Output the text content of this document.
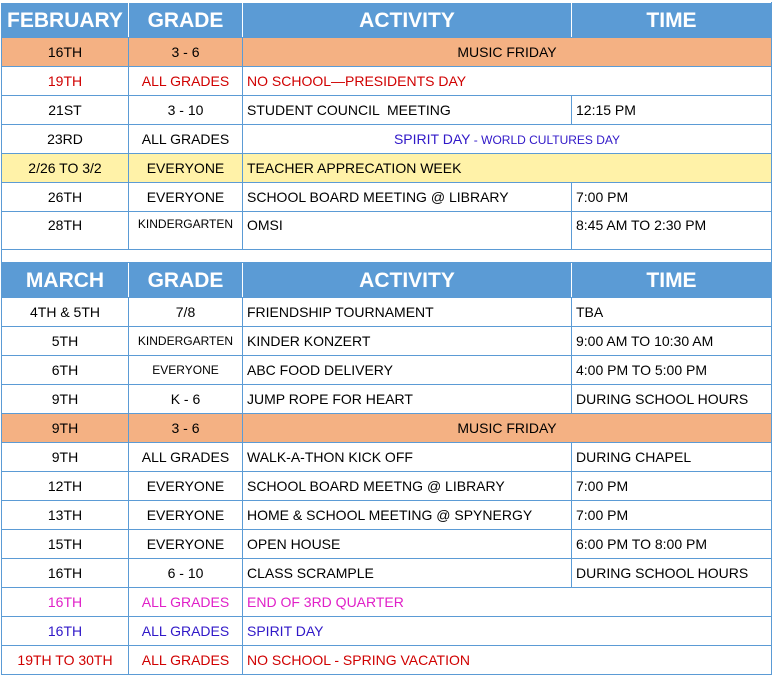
FEBRUARY	GRADE	ACTIVITY	TIME
16TH	3 - 6	MUSIC FRIDAY	
19TH	ALL GRADES	NO SCHOOL—PRESIDENTS DAY	
21ST	3 - 10	STUDENT COUNCIL  MEETING	12:15 PM
23RD	ALL GRADES	SPIRIT DAY - WORLD CULTURES DAY	
2/26 TO 3/2	EVERYONE	TEACHER APPRECATION WEEK	
26TH	EVERYONE	SCHOOL BOARD MEETING @ LIBRARY	7:00 PM
28TH	KINDERGARTEN	OMSI	8:45 AM TO 2:30 PM

MARCH	GRADE	ACTIVITY	TIME
4TH & 5TH	7/8	FRIENDSHIP TOURNAMENT	TBA
5TH	KINDERGARTEN	KINDER KONZERT	9:00 AM TO 10:30 AM
6TH	EVERYONE	ABC FOOD DELIVERY	4:00 PM TO 5:00 PM
9TH	K - 6	JUMP ROPE FOR HEART	DURING SCHOOL HOURS
9TH	3 - 6	MUSIC FRIDAY	
9TH	ALL GRADES	WALK-A-THON KICK OFF	DURING CHAPEL
12TH	EVERYONE	SCHOOL BOARD MEETNG @ LIBRARY	7:00 PM
13TH	EVERYONE	HOME & SCHOOL MEETING @ SPYNERGY	7:00 PM
15TH	EVERYONE	OPEN HOUSE	6:00 PM TO 8:00 PM
16TH	6 - 10	CLASS SCRAMPLE	DURING SCHOOL HOURS
16TH	ALL GRADES	END OF 3RD QUARTER	
16TH	ALL GRADES	SPIRIT DAY	
19TH TO 30TH	ALL GRADES	NO SCHOOL - SPRING VACATION	
